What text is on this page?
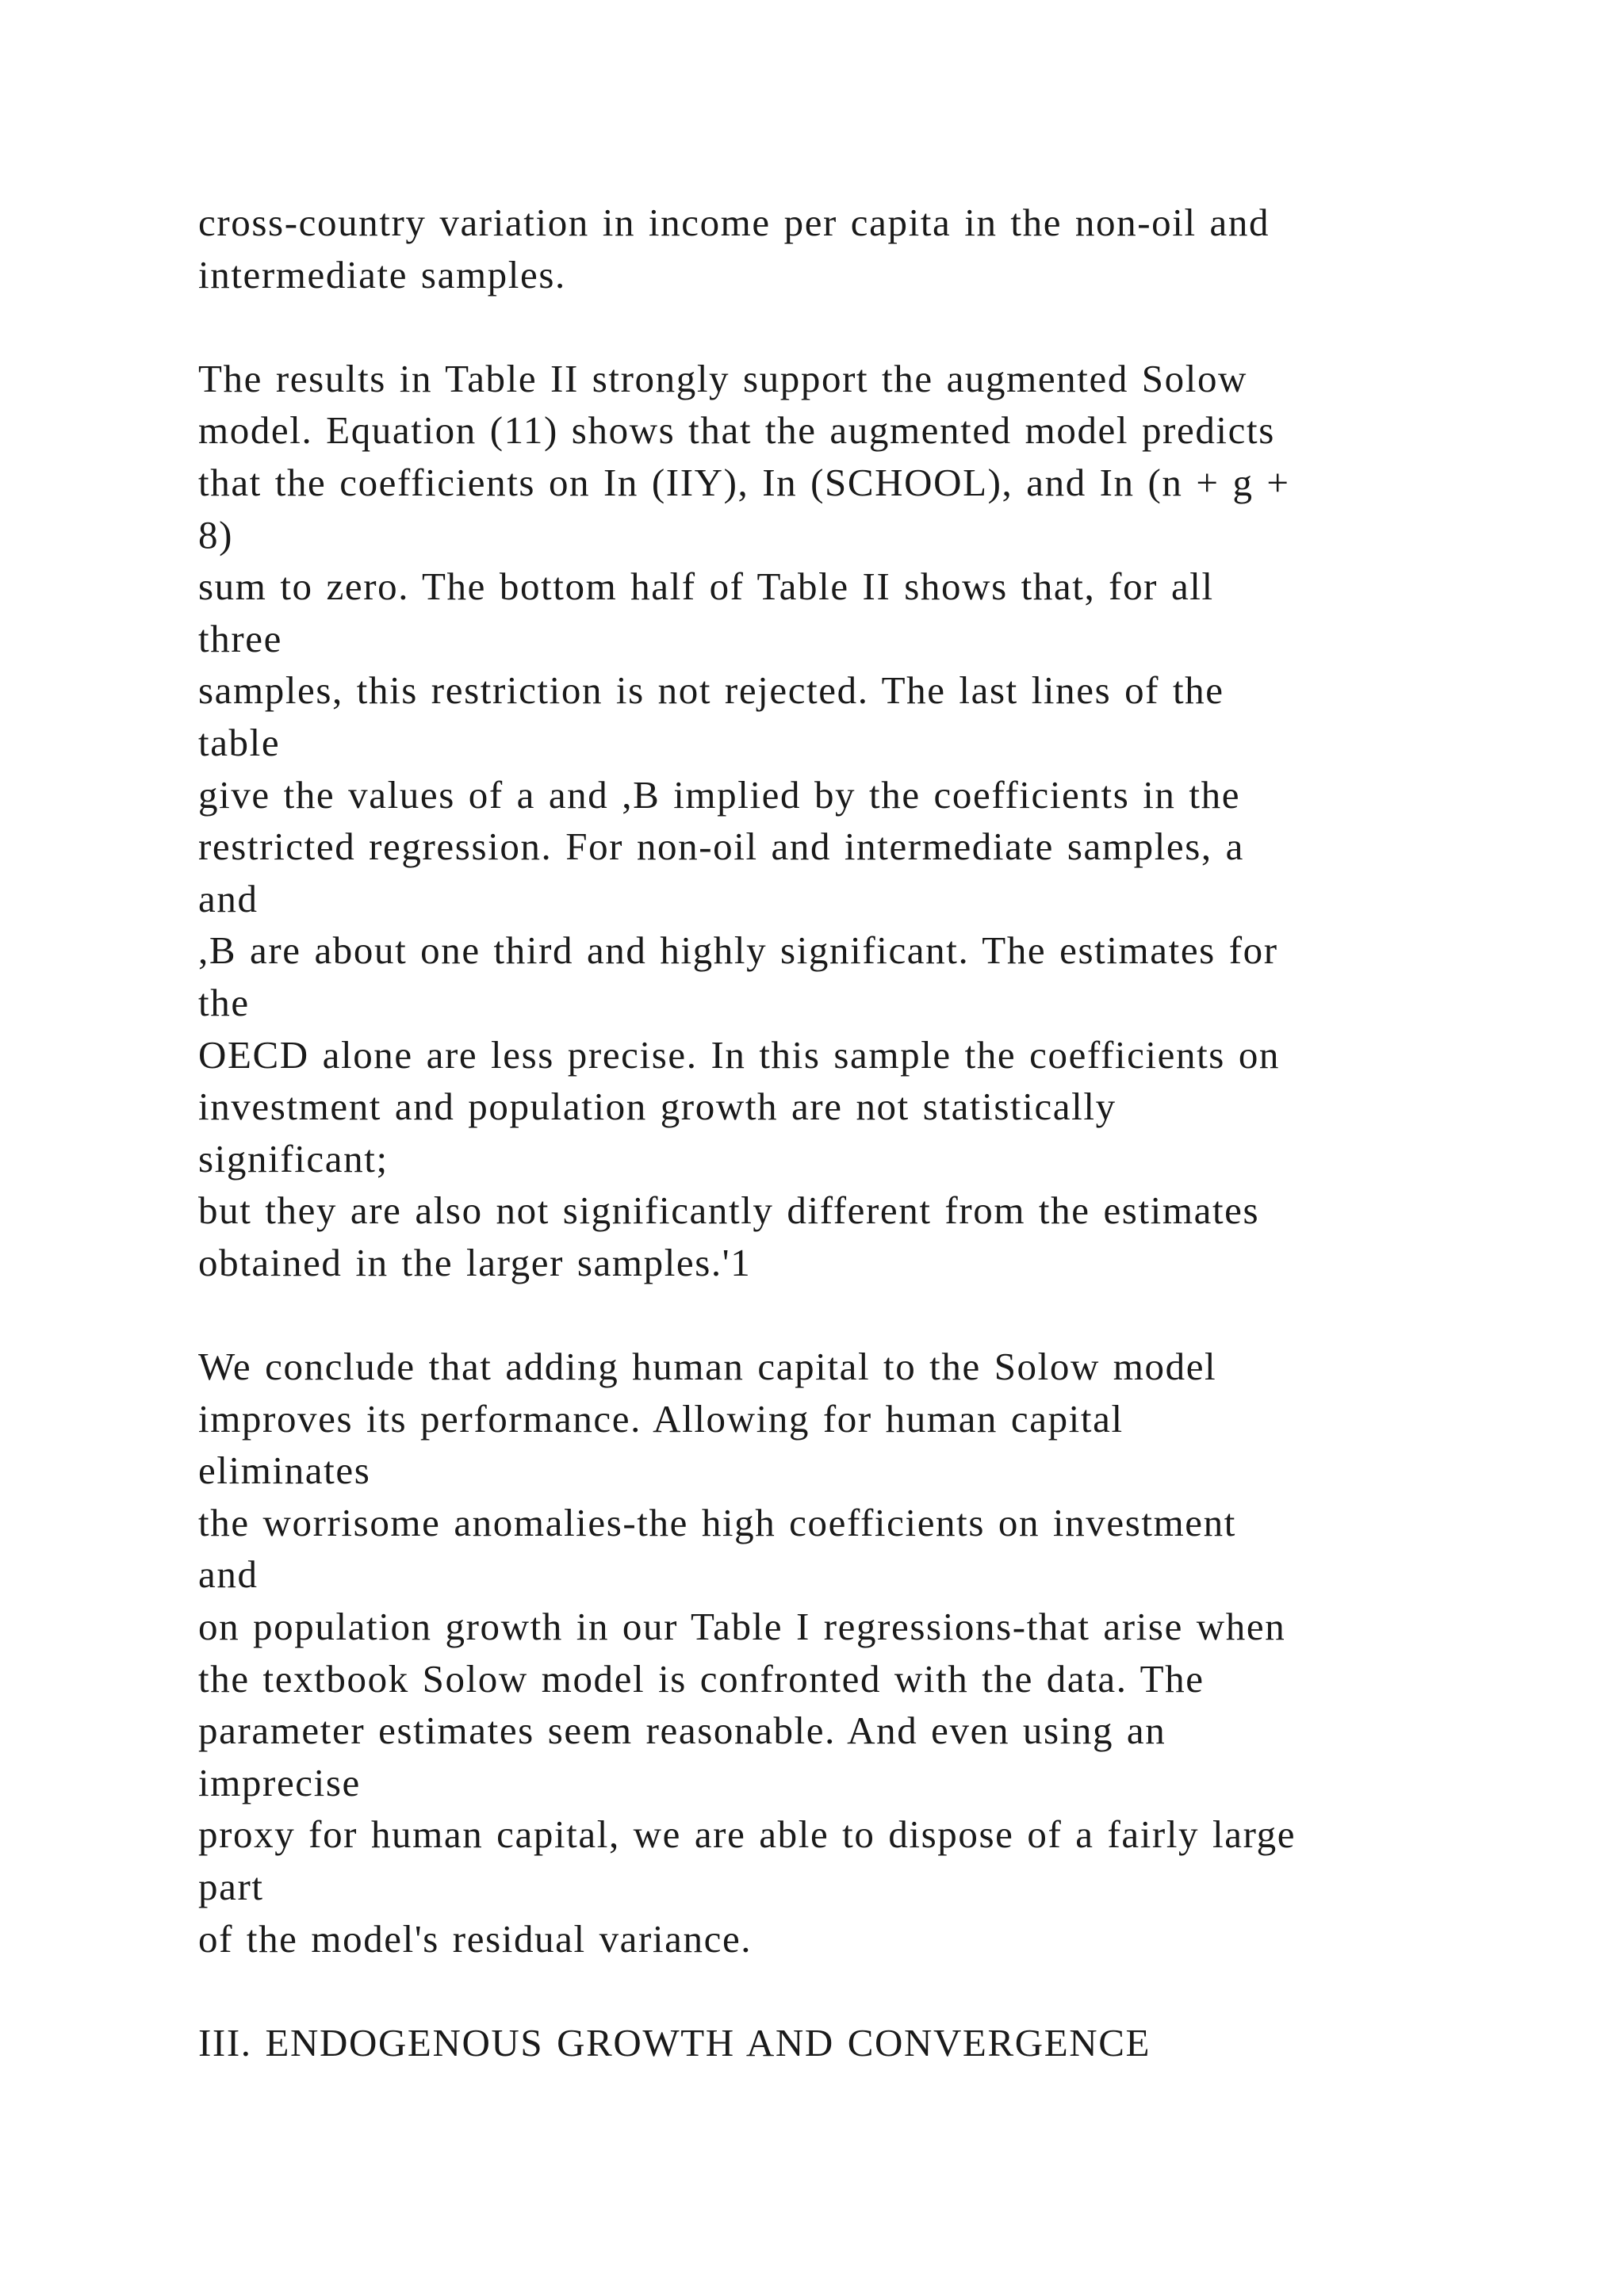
cross-country variation in income per capita in the non-oil and
intermediate samples.
The results in Table II strongly support the augmented Solow
model. Equation (11) shows that the augmented model predicts
that the coefficients on In (IIY), In (SCHOOL), and In (n + g +
8)
sum to zero. The bottom half of Table II shows that, for all
three
samples, this restriction is not rejected. The last lines of the
table
give the values of a and ,B implied by the coefficients in the
restricted regression. For non-oil and intermediate samples, a
and
,B are about one third and highly significant. The estimates for
the
OECD alone are less precise. In this sample the coefficients on
investment and population growth are not statistically
significant;
but they are also not significantly different from the estimates
obtained in the larger samples.'1
We conclude that adding human capital to the Solow model
improves its performance. Allowing for human capital
eliminates
the worrisome anomalies-the high coefficients on investment
and
on population growth in our Table I regressions-that arise when
the textbook Solow model is confronted with the data. The
parameter estimates seem reasonable. And even using an
imprecise
proxy for human capital, we are able to dispose of a fairly large
part
of the model's residual variance.
III. ENDOGENOUS GROWTH AND CONVERGENCE
